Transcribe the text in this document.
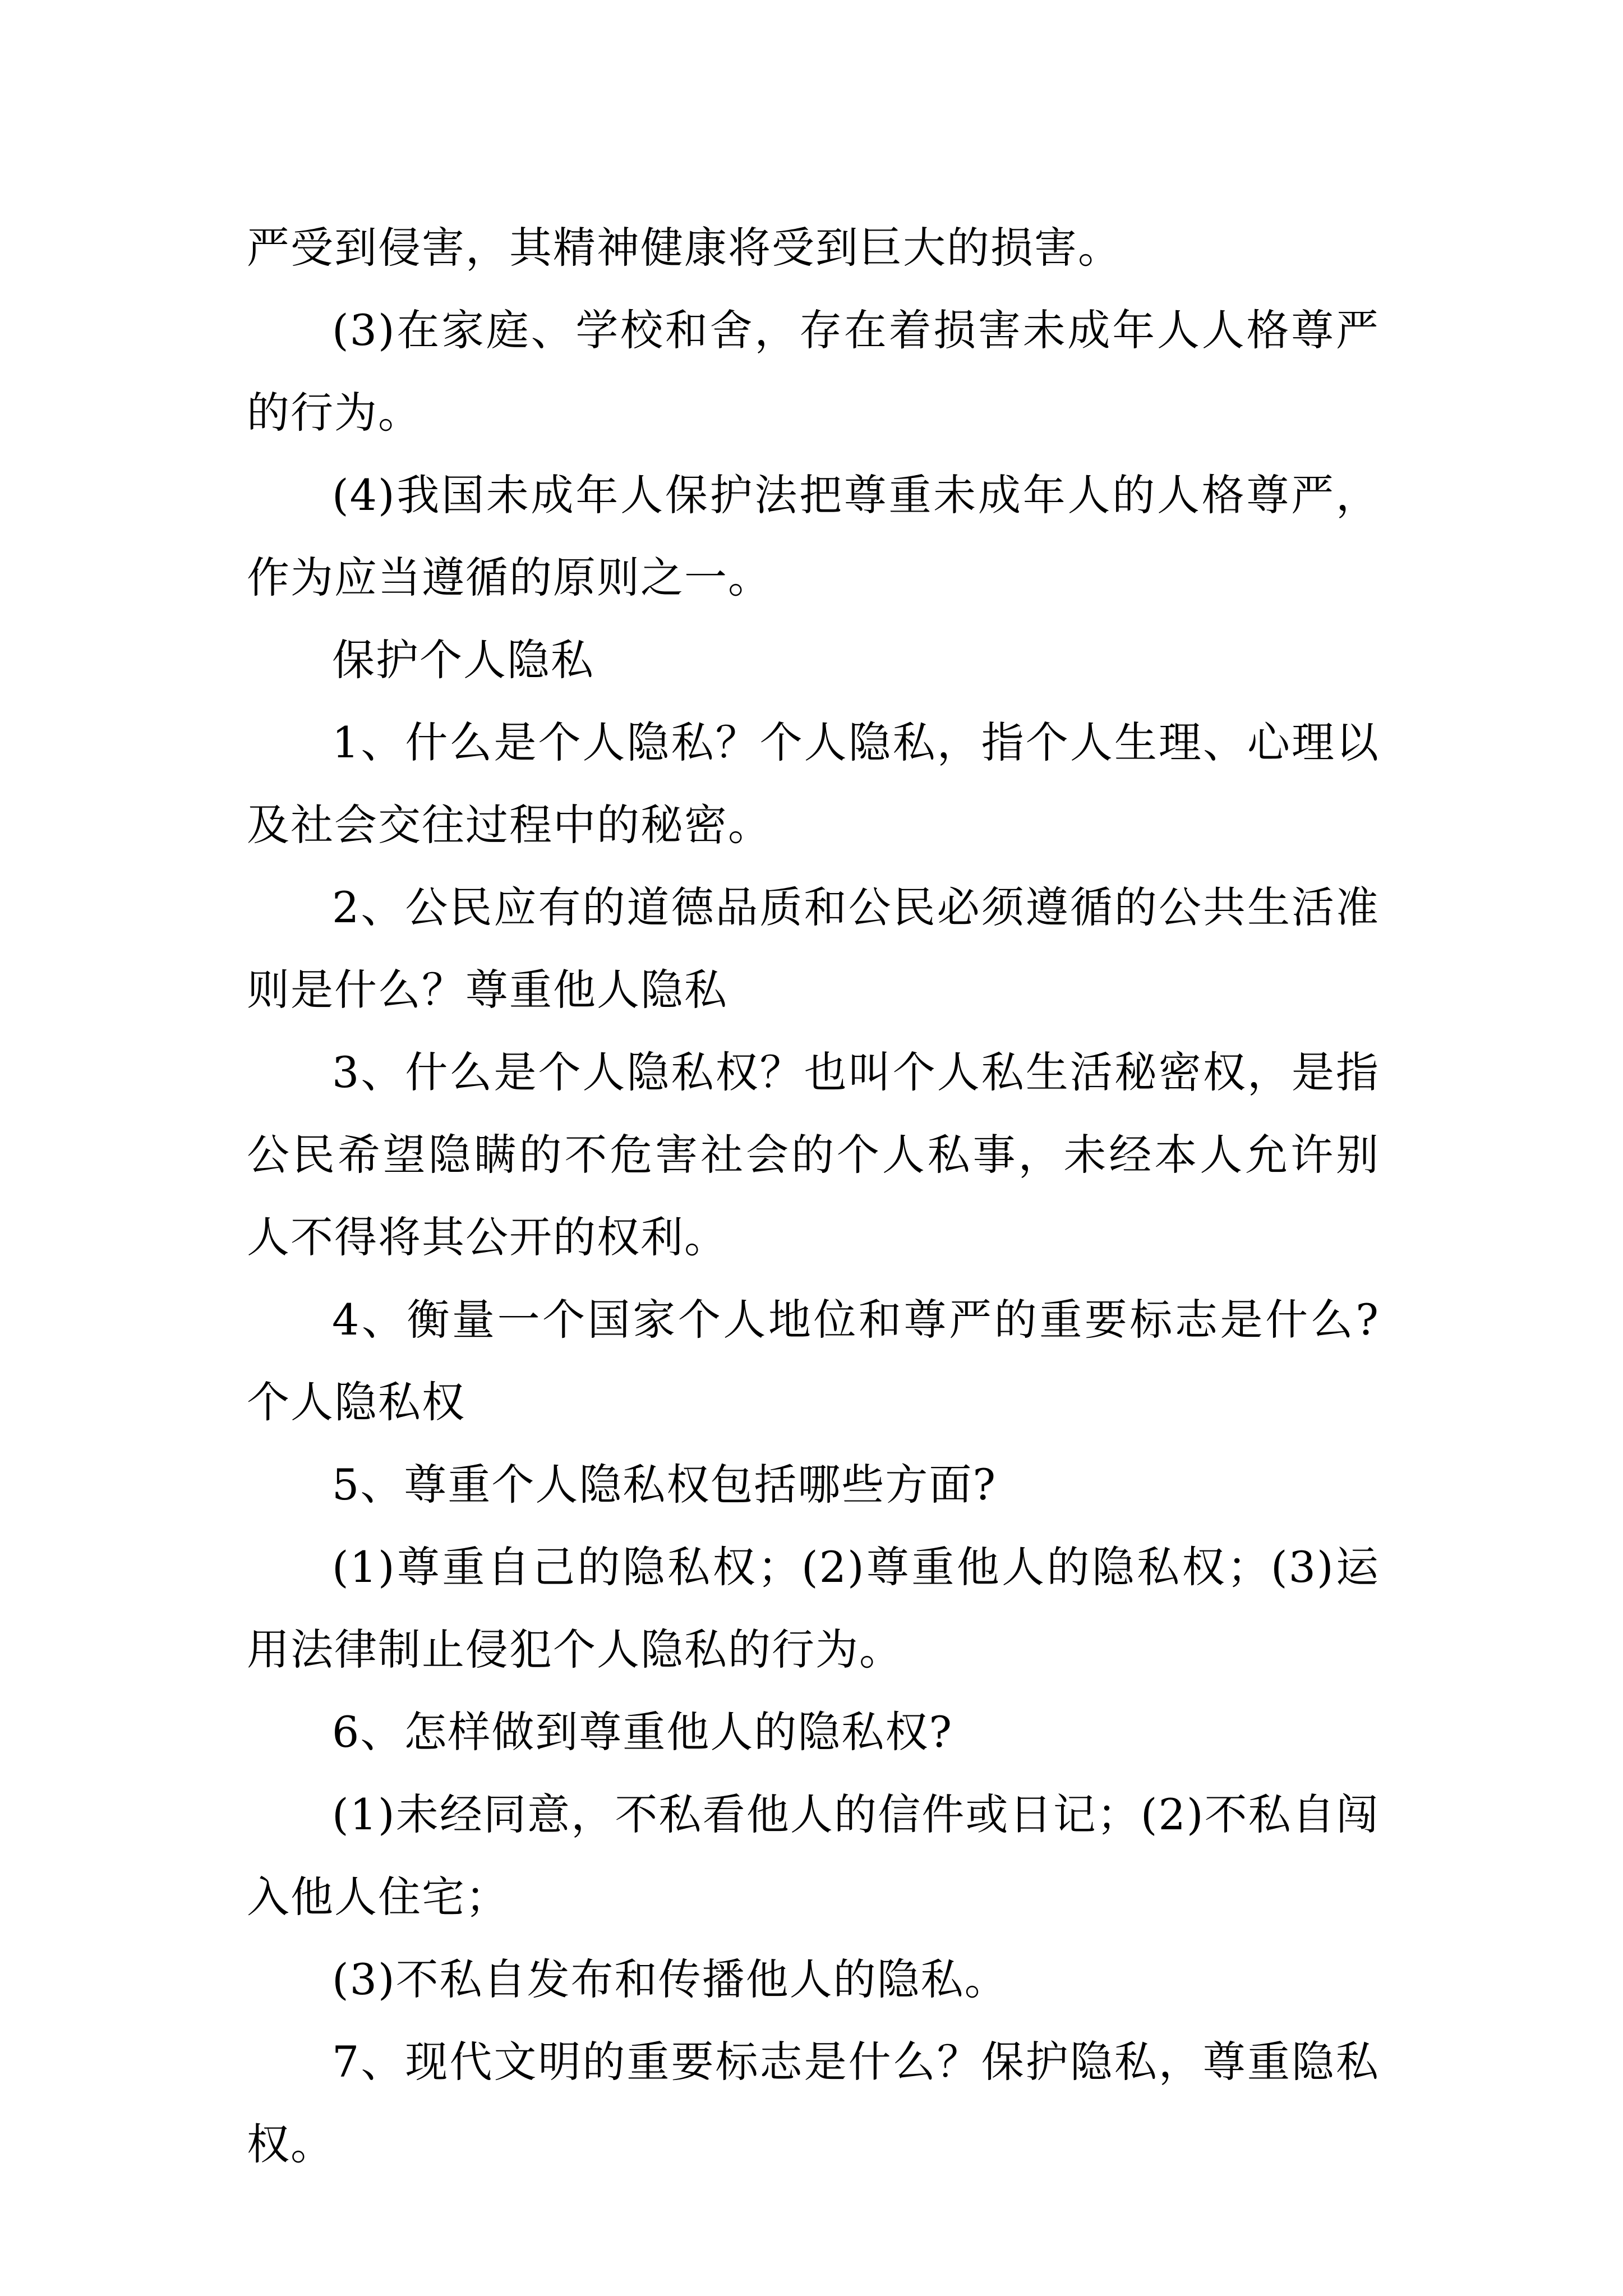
严受到侵害，其精神健康将受到巨大的损害。

(3)在家庭、学校和舍，存在着损害未成年人人格尊严的行为。

(4)我国未成年人保护法把尊重未成年人的人格尊严，作为应当遵循的原则之一。

保护个人隐私

1、什么是个人隐私？个人隐私，指个人生理、心理以及社会交往过程中的秘密。

2、公民应有的道德品质和公民必须遵循的公共生活准则是什么？尊重他人隐私

3、什么是个人隐私权？也叫个人私生活秘密权，是指公民希望隐瞒的不危害社会的个人私事，未经本人允许别人不得将其公开的权利。

4、衡量一个国家个人地位和尊严的重要标志是什么?个人隐私权

5、尊重个人隐私权包括哪些方面?

(1)尊重自己的隐私权；(2)尊重他人的隐私权；(3)运用法律制止侵犯个人隐私的行为。

6、怎样做到尊重他人的隐私权?

(1)未经同意，不私看他人的信件或日记；(2)不私自闯入他人住宅；

(3)不私自发布和传播他人的隐私。

7、现代文明的重要标志是什么？保护隐私，尊重隐私权。
